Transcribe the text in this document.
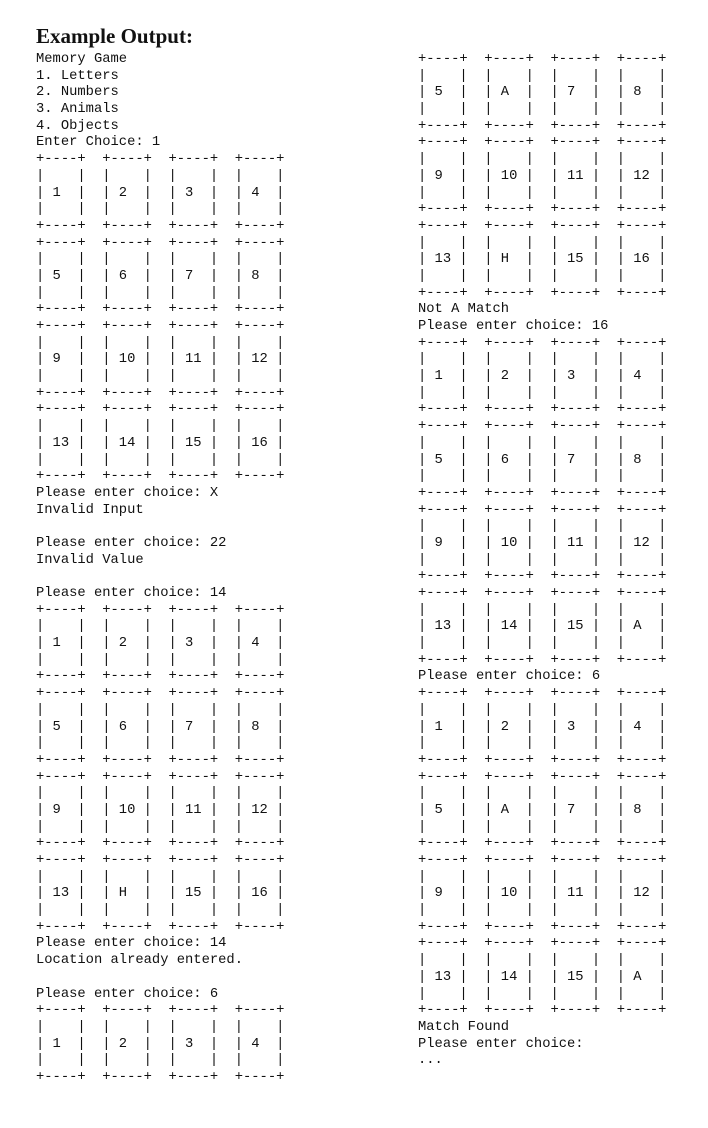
Example Output:
Memory Game
1. Letters
2. Numbers
3. Animals
4. Objects
Enter Choice: 1
+----+  +----+  +----+  +----+
|    |  |    |  |    |  |    |
| 1  |  | 2  |  | 3  |  | 4  |
|    |  |    |  |    |  |    |
+----+  +----+  +----+  +----+
+----+  +----+  +----+  +----+
|    |  |    |  |    |  |    |
| 5  |  | 6  |  | 7  |  | 8  |
|    |  |    |  |    |  |    |
+----+  +----+  +----+  +----+
+----+  +----+  +----+  +----+
|    |  |    |  |    |  |    |
| 9  |  | 10 |  | 11 |  | 12 |
|    |  |    |  |    |  |    |
+----+  +----+  +----+  +----+
+----+  +----+  +----+  +----+
|    |  |    |  |    |  |    |
| 13 |  | 14 |  | 15 |  | 16 |
|    |  |    |  |    |  |    |
+----+  +----+  +----+  +----+
Please enter choice: X
Invalid Input

Please enter choice: 22
Invalid Value

Please enter choice: 14
+----+  +----+  +----+  +----+
|    |  |    |  |    |  |    |
| 1  |  | 2  |  | 3  |  | 4  |
|    |  |    |  |    |  |    |
+----+  +----+  +----+  +----+
+----+  +----+  +----+  +----+
|    |  |    |  |    |  |    |
| 5  |  | 6  |  | 7  |  | 8  |
|    |  |    |  |    |  |    |
+----+  +----+  +----+  +----+
+----+  +----+  +----+  +----+
|    |  |    |  |    |  |    |
| 9  |  | 10 |  | 11 |  | 12 |
|    |  |    |  |    |  |    |
+----+  +----+  +----+  +----+
+----+  +----+  +----+  +----+
|    |  |    |  |    |  |    |
| 13 |  | H  |  | 15 |  | 16 |
|    |  |    |  |    |  |    |
+----+  +----+  +----+  +----+
Please enter choice: 14
Location already entered.

Please enter choice: 6
+----+  +----+  +----+  +----+
|    |  |    |  |    |  |    |
| 1  |  | 2  |  | 3  |  | 4  |
|    |  |    |  |    |  |    |
+----+  +----+  +----+  +----+
+----+  +----+  +----+  +----+
|    |  |    |  |    |  |    |
| 5  |  | A  |  | 7  |  | 8  |
|    |  |    |  |    |  |    |
+----+  +----+  +----+  +----+
+----+  +----+  +----+  +----+
|    |  |    |  |    |  |    |
| 9  |  | 10 |  | 11 |  | 12 |
|    |  |    |  |    |  |    |
+----+  +----+  +----+  +----+
+----+  +----+  +----+  +----+
|    |  |    |  |    |  |    |
| 13 |  | H  |  | 15 |  | 16 |
|    |  |    |  |    |  |    |
+----+  +----+  +----+  +----+
Not A Match
Please enter choice: 16
+----+  +----+  +----+  +----+
|    |  |    |  |    |  |    |
| 1  |  | 2  |  | 3  |  | 4  |
|    |  |    |  |    |  |    |
+----+  +----+  +----+  +----+
+----+  +----+  +----+  +----+
|    |  |    |  |    |  |    |
| 5  |  | 6  |  | 7  |  | 8  |
|    |  |    |  |    |  |    |
+----+  +----+  +----+  +----+
+----+  +----+  +----+  +----+
|    |  |    |  |    |  |    |
| 9  |  | 10 |  | 11 |  | 12 |
|    |  |    |  |    |  |    |
+----+  +----+  +----+  +----+
+----+  +----+  +----+  +----+
|    |  |    |  |    |  |    |
| 13 |  | 14 |  | 15 |  | A  |
|    |  |    |  |    |  |    |
+----+  +----+  +----+  +----+
Please enter choice: 6
+----+  +----+  +----+  +----+
|    |  |    |  |    |  |    |
| 1  |  | 2  |  | 3  |  | 4  |
|    |  |    |  |    |  |    |
+----+  +----+  +----+  +----+
+----+  +----+  +----+  +----+
|    |  |    |  |    |  |    |
| 5  |  | A  |  | 7  |  | 8  |
|    |  |    |  |    |  |    |
+----+  +----+  +----+  +----+
+----+  +----+  +----+  +----+
|    |  |    |  |    |  |    |
| 9  |  | 10 |  | 11 |  | 12 |
|    |  |    |  |    |  |    |
+----+  +----+  +----+  +----+
+----+  +----+  +----+  +----+
|    |  |    |  |    |  |    |
| 13 |  | 14 |  | 15 |  | A  |
|    |  |    |  |    |  |    |
+----+  +----+  +----+  +----+
Match Found
Please enter choice:
...
